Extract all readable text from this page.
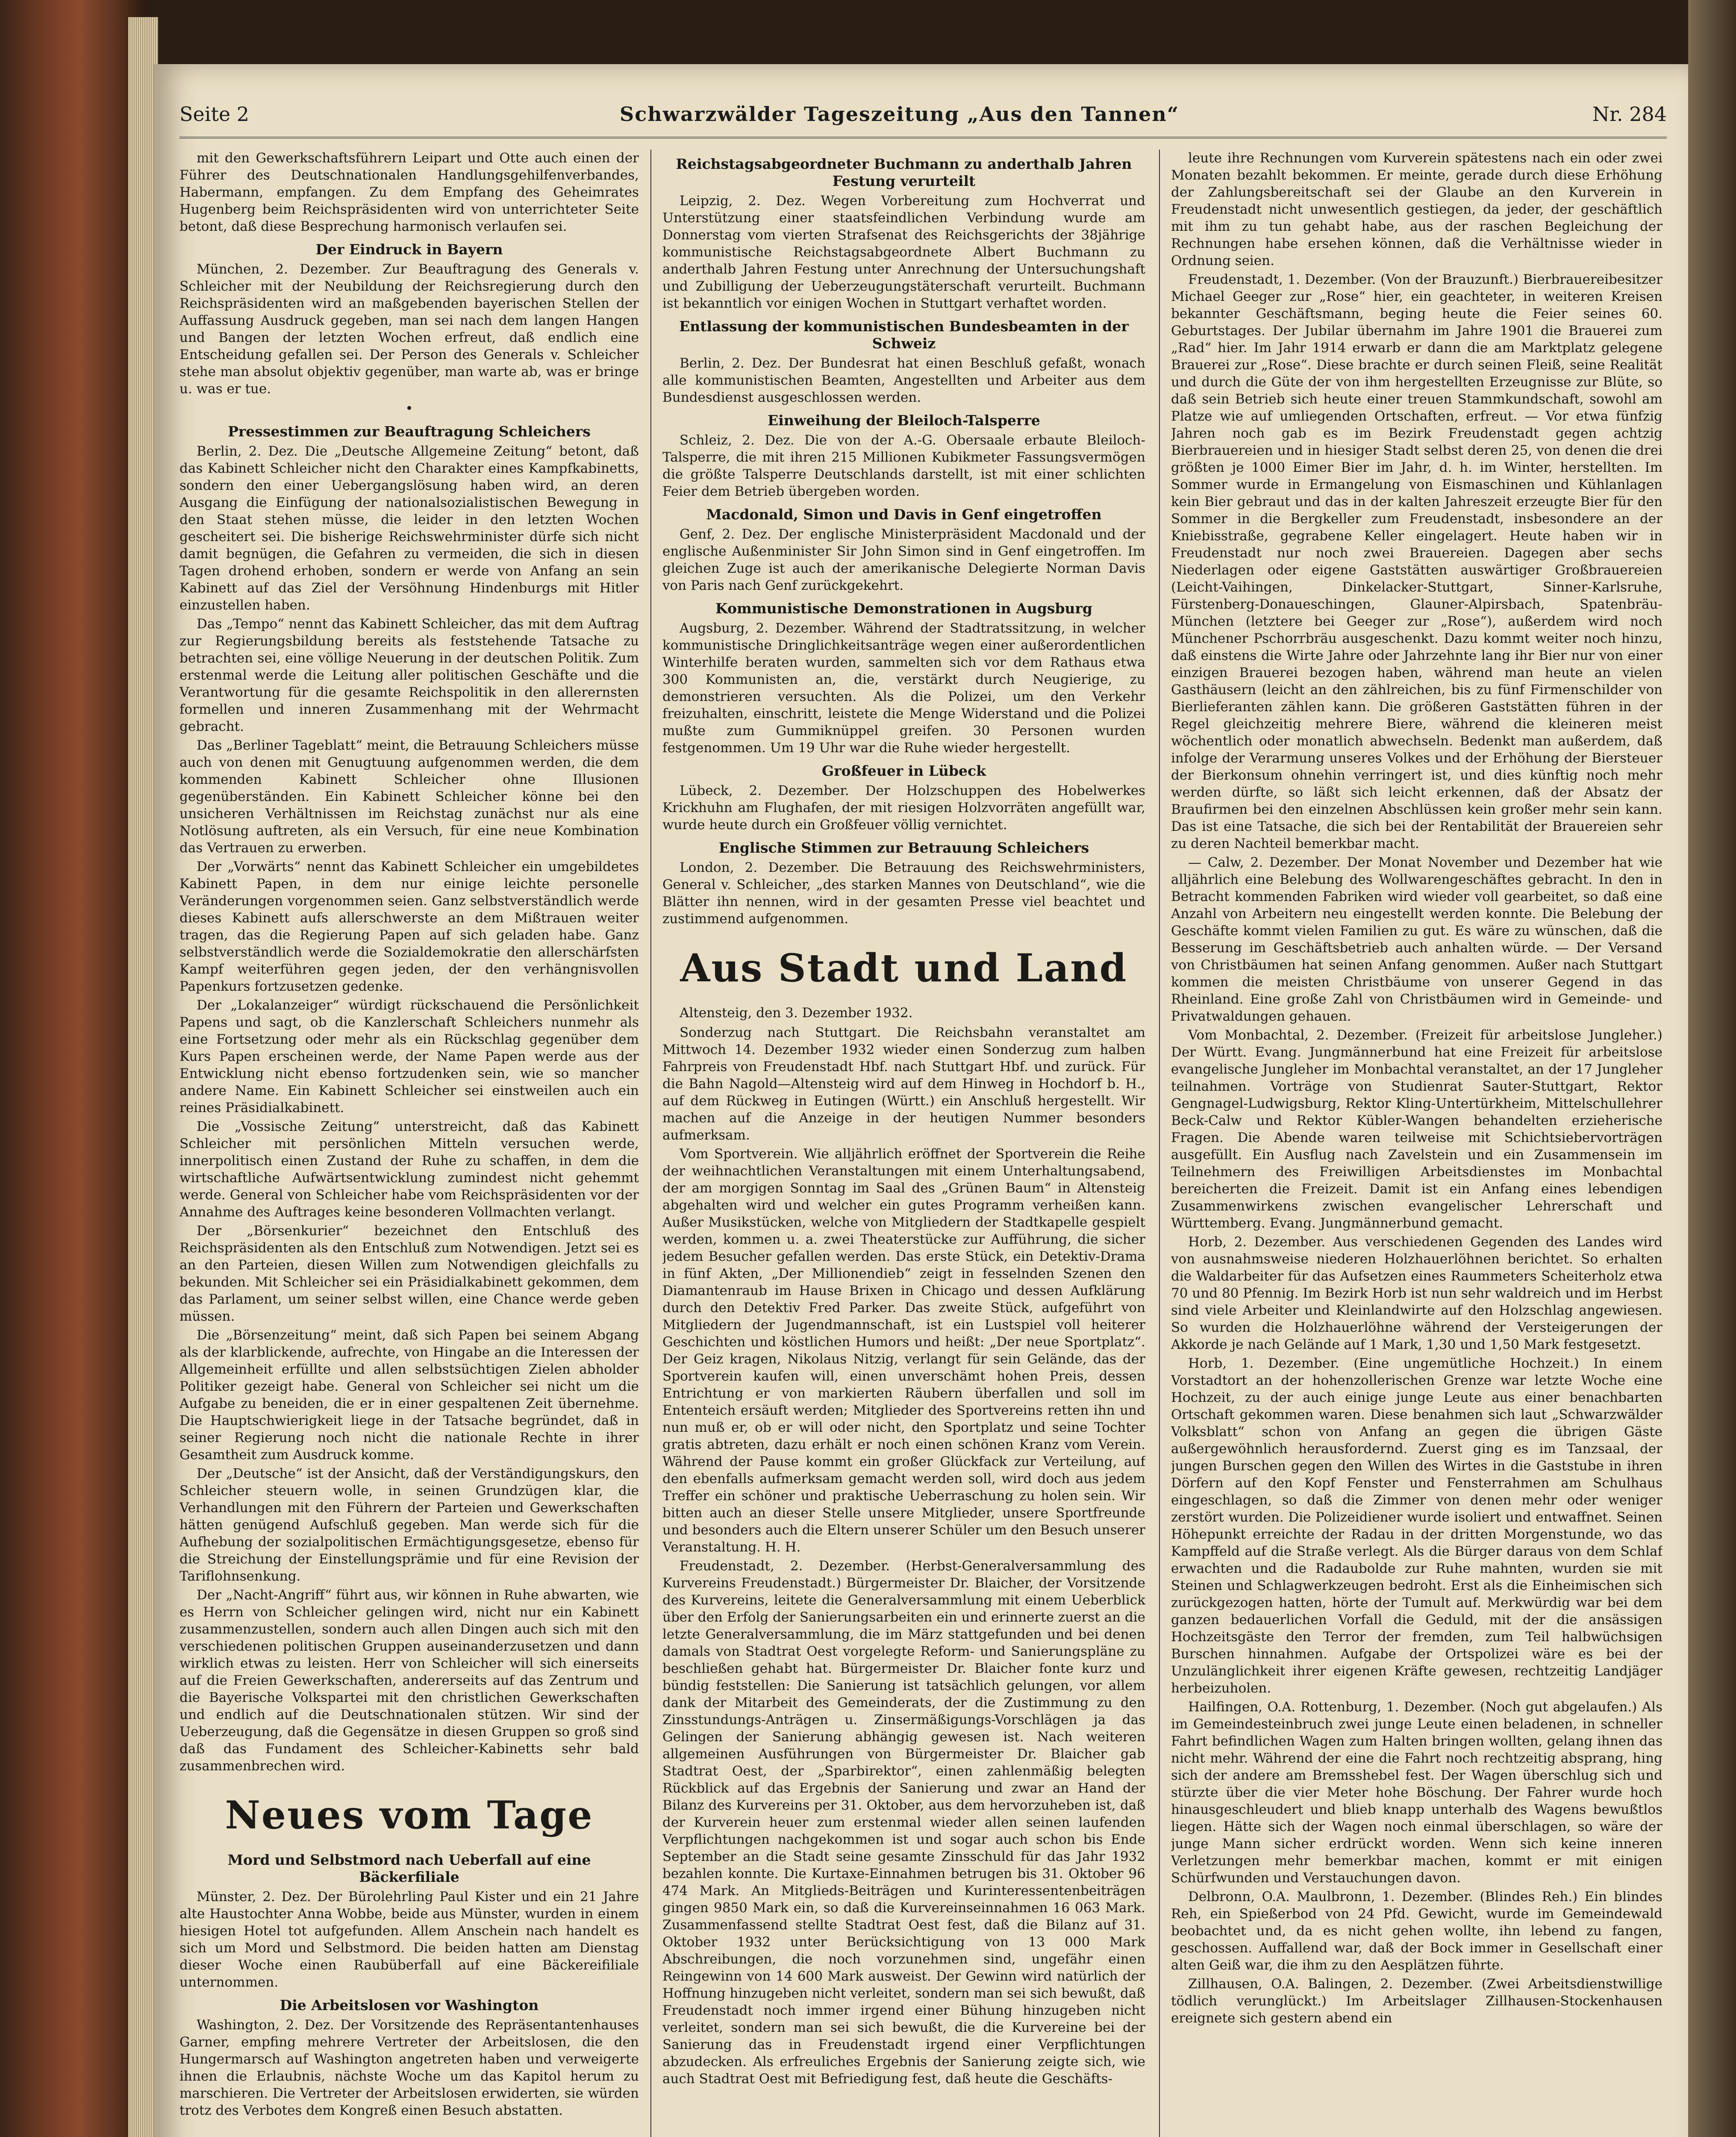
Seite 2	Schwarzwälder Tageszeitung „Aus den Tannen“	Nr. 284

mit den Gewerkschaftsführern Leipart und Otte auch einen der Führer des Deutschnationalen Handlungsgehilfenverbandes, Habermann, empfangen. Zu dem Empfang des Geheimrates Hugenberg beim Reichspräsidenten wird von unterrichteter Seite betont, daß diese Besprechung harmonisch verlaufen sei.

Der Eindruck in Bayern

München, 2. Dezember. Zur Beauftragung des Generals v. Schleicher mit der Neubildung der Reichsregierung durch den Reichspräsidenten wird an maßgebenden bayerischen Stellen der Auffassung Ausdruck gegeben, man sei nach dem langen Hangen und Bangen der letzten Wochen erfreut, daß endlich eine Entscheidung gefallen sei. Der Person des Generals v. Schleicher stehe man absolut objektiv gegenüber, man warte ab, was er bringe u. was er tue.

•
Pressestimmen zur Beauftragung Schleichers

Berlin, 2. Dez. Die „Deutsche Allgemeine Zeitung“ betont, daß das Kabinett Schleicher nicht den Charakter eines Kampfkabinetts, sondern den einer Uebergangslösung haben wird, an deren Ausgang die Einfügung der nationalsozialistischen Bewegung in den Staat stehen müsse, die leider in den letzten Wochen gescheitert sei. Die bisherige Reichswehrminister dürfe sich nicht damit begnügen, die Gefahren zu vermeiden, die sich in diesen Tagen drohend erhoben, sondern er werde von Anfang an sein Kabinett auf das Ziel der Versöhnung Hindenburgs mit Hitler einzustellen haben.

Das „Tempo“ nennt das Kabinett Schleicher, das mit dem Auftrag zur Regierungsbildung bereits als feststehende Tatsache zu betrachten sei, eine völlige Neuerung in der deutschen Politik. Zum erstenmal werde die Leitung aller politischen Geschäfte und die Verantwortung für die gesamte Reichspolitik in den allerernsten formellen und inneren Zusammenhang mit der Wehrmacht gebracht.

Das „Berliner Tageblatt“ meint, die Betrauung Schleichers müsse auch von denen mit Genugtuung aufgenommen werden, die dem kommenden Kabinett Schleicher ohne Illusionen gegenüberständen. Ein Kabinett Schleicher könne bei den unsicheren Verhältnissen im Reichstag zunächst nur als eine Notlösung auftreten, als ein Versuch, für eine neue Kombination das Vertrauen zu erwerben.

Der „Vorwärts“ nennt das Kabinett Schleicher ein umgebildetes Kabinett Papen, in dem nur einige leichte personelle Veränderungen vorgenommen seien. Ganz selbstverständlich werde dieses Kabinett aufs allerschwerste an dem Mißtrauen weiter tragen, das die Regierung Papen auf sich geladen habe. Ganz selbstverständlich werde die Sozialdemokratie den allerschärfsten Kampf weiterführen gegen jeden, der den verhängnisvollen Papenkurs fortzusetzen gedenke.

Der „Lokalanzeiger“ würdigt rückschauend die Persönlichkeit Papens und sagt, ob die Kanzlerschaft Schleichers nunmehr als eine Fortsetzung oder mehr als ein Rückschlag gegenüber dem Kurs Papen erscheinen werde, der Name Papen werde aus der Entwicklung nicht ebenso fortzudenken sein, wie so mancher andere Name. Ein Kabinett Schleicher sei einstweilen auch ein reines Präsidialkabinett.

Die „Vossische Zeitung“ unterstreicht, daß das Kabinett Schleicher mit persönlichen Mitteln versuchen werde, innerpolitisch einen Zustand der Ruhe zu schaffen, in dem die wirtschaftliche Aufwärtsentwicklung zumindest nicht gehemmt werde. General von Schleicher habe vom Reichspräsidenten vor der Annahme des Auftrages keine besonderen Vollmachten verlangt.

Der „Börsenkurier“ bezeichnet den Entschluß des Reichspräsidenten als den Entschluß zum Notwendigen. Jetzt sei es an den Parteien, diesen Willen zum Notwendigen gleichfalls zu bekunden. Mit Schleicher sei ein Präsidialkabinett gekommen, dem das Parlament, um seiner selbst willen, eine Chance werde geben müssen.

Die „Börsenzeitung“ meint, daß sich Papen bei seinem Abgang als der klarblickende, aufrechte, von Hingabe an die Interessen der Allgemeinheit erfüllte und allen selbstsüchtigen Zielen abholder Politiker gezeigt habe. General von Schleicher sei nicht um die Aufgabe zu beneiden, die er in einer gespaltenen Zeit übernehme. Die Hauptschwierigkeit liege in der Tatsache begründet, daß in seiner Regierung noch nicht die nationale Rechte in ihrer Gesamtheit zum Ausdruck komme.

Der „Deutsche“ ist der Ansicht, daß der Verständigungskurs, den Schleicher steuern wolle, in seinen Grundzügen klar, die Verhandlungen mit den Führern der Parteien und Gewerkschaften hätten genügend Aufschluß gegeben. Man werde sich für die Aufhebung der sozialpolitischen Ermächtigungsgesetze, ebenso für die Streichung der Einstellungsprämie und für eine Revision der Tariflohnsenkung.

Der „Nacht-Angriff“ führt aus, wir können in Ruhe abwarten, wie es Herrn von Schleicher gelingen wird, nicht nur ein Kabinett zusammenzustellen, sondern auch allen Dingen auch sich mit den verschiedenen politischen Gruppen auseinanderzusetzen und dann wirklich etwas zu leisten. Herr von Schleicher will sich einerseits auf die Freien Gewerkschaften, andererseits auf das Zentrum und die Bayerische Volkspartei mit den christlichen Gewerkschaften und endlich auf die Deutschnationalen stützen. Wir sind der Ueberzeugung, daß die Gegensätze in diesen Gruppen so groß sind daß das Fundament des Schleicher-Kabinetts sehr bald zusammenbrechen wird.

Neues vom Tage
Mord und Selbstmord nach Ueberfall auf eine Bäckerfiliale

Münster, 2. Dez. Der Bürolehrling Paul Kister und ein 21 Jahre alte Haustochter Anna Wobbe, beide aus Münster, wurden in einem hiesigen Hotel tot aufgefunden. Allem Anschein nach handelt es sich um Mord und Selbstmord. Die beiden hatten am Dienstag dieser Woche einen Raubüberfall auf eine Bäckereifiliale unternommen.

Die Arbeitslosen vor Washington

Washington, 2. Dez. Der Vorsitzende des Repräsentantenhauses Garner, empfing mehrere Vertreter der Arbeitslosen, die den Hungermarsch auf Washington angetreten haben und verweigerte ihnen die Erlaubnis, nächste Woche um das Kapitol herum zu marschieren. Die Vertreter der Arbeitslosen erwiderten, sie würden trotz des Verbotes dem Kongreß einen Besuch abstatten.

Reichstagsabgeordneter Buchmann zu anderthalb Jahren Festung verurteilt

Leipzig, 2. Dez. Wegen Vorbereitung zum Hochverrat und Unterstützung einer staatsfeindlichen Verbindung wurde am Donnerstag vom vierten Strafsenat des Reichsgerichts der 38jährige kommunistische Reichstagsabgeordnete Albert Buchmann zu anderthalb Jahren Festung unter Anrechnung der Untersuchungshaft und Zubilligung der Ueberzeugungstäterschaft verurteilt. Buchmann ist bekanntlich vor einigen Wochen in Stuttgart verhaftet worden.

Entlassung der kommunistischen Bundesbeamten in der Schweiz

Berlin, 2. Dez. Der Bundesrat hat einen Beschluß gefaßt, wonach alle kommunistischen Beamten, Angestellten und Arbeiter aus dem Bundesdienst ausgeschlossen werden.

Einweihung der Bleiloch-Talsperre

Schleiz, 2. Dez. Die von der A.-G. Obersaale erbaute Bleiloch-Talsperre, die mit ihren 215 Millionen Kubikmeter Fassungsvermögen die größte Talsperre Deutschlands darstellt, ist mit einer schlichten Feier dem Betrieb übergeben worden.

Macdonald, Simon und Davis in Genf eingetroffen

Genf, 2. Dez. Der englische Ministerpräsident Macdonald und der englische Außenminister Sir John Simon sind in Genf eingetroffen. Im gleichen Zuge ist auch der amerikanische Delegierte Norman Davis von Paris nach Genf zurückgekehrt.

Kommunistische Demonstrationen in Augsburg

Augsburg, 2. Dezember. Während der Stadtratssitzung, in welcher kommunistische Dringlichkeitsanträge wegen einer außerordentlichen Winterhilfe beraten wurden, sammelten sich vor dem Rathaus etwa 300 Kommunisten an, die, verstärkt durch Neugierige, zu demonstrieren versuchten. Als die Polizei, um den Verkehr freizuhalten, einschritt, leistete die Menge Widerstand und die Polizei mußte zum Gummiknüppel greifen. 30 Personen wurden festgenommen. Um 19 Uhr war die Ruhe wieder hergestellt.

Großfeuer in Lübeck

Lübeck, 2. Dezember. Der Holzschuppen des Hobelwerkes Krickhuhn am Flughafen, der mit riesigen Holzvorräten angefüllt war, wurde heute durch ein Großfeuer völlig vernichtet.

Englische Stimmen zur Betrauung Schleichers

London, 2. Dezember. Die Betrauung des Reichswehrministers, General v. Schleicher, „des starken Mannes von Deutschland“, wie die Blätter ihn nennen, wird in der gesamten Presse viel beachtet und zustimmend aufgenommen.

Aus Stadt und Land

Altensteig, den 3. Dezember 1932.

Sonderzug nach Stuttgart. Die Reichsbahn veranstaltet am Mittwoch 14. Dezember 1932 wieder einen Sonderzug zum halben Fahrpreis von Freudenstadt Hbf. nach Stuttgart Hbf. und zurück. Für die Bahn Nagold—Altensteig wird auf dem Hinweg in Hochdorf b. H., auf dem Rückweg in Eutingen (Württ.) ein Anschluß hergestellt. Wir machen auf die Anzeige in der heutigen Nummer besonders aufmerksam.

Vom Sportverein. Wie alljährlich eröffnet der Sportverein die Reihe der weihnachtlichen Veranstaltungen mit einem Unterhaltungsabend, der am morgigen Sonntag im Saal des „Grünen Baum“ in Altensteig abgehalten wird und welcher ein gutes Programm verheißen kann. Außer Musikstücken, welche von Mitgliedern der Stadtkapelle gespielt werden, kommen u. a. zwei Theaterstücke zur Aufführung, die sicher jedem Besucher gefallen werden. Das erste Stück, ein Detektiv-Drama in fünf Akten, „Der Millionendieb“ zeigt in fesselnden Szenen den Diamantenraub im Hause Brixen in Chicago und dessen Aufklärung durch den Detektiv Fred Parker. Das zweite Stück, aufgeführt von Mitgliedern der Jugendmannschaft, ist ein Lustspiel voll heiterer Geschichten und köstlichen Humors und heißt: „Der neue Sportplatz“. Der Geiz kragen, Nikolaus Nitzig, verlangt für sein Gelände, das der Sportverein kaufen will, einen unverschämt hohen Preis, dessen Entrichtung er von markierten Räubern überfallen und soll im Ententeich ersäuft werden; Mitglieder des Sportvereins retten ihn und nun muß er, ob er will oder nicht, den Sportplatz und seine Tochter gratis abtreten, dazu erhält er noch einen schönen Kranz vom Verein. Während der Pause kommt ein großer Glückfack zur Verteilung, auf den ebenfalls aufmerksam gemacht werden soll, wird doch aus jedem Treffer ein schöner und praktische Ueberraschung zu holen sein. Wir bitten auch an dieser Stelle unsere Mitglieder, unsere Sportfreunde und besonders auch die Eltern unserer Schüler um den Besuch unserer Veranstaltung. H. H.

Freudenstadt, 2. Dezember. (Herbst-Generalversammlung des Kurvereins Freudenstadt.) Bürgermeister Dr. Blaicher, der Vorsitzende des Kurvereins, leitete die Generalversammlung mit einem Ueberblick über den Erfolg der Sanierungsarbeiten ein und erinnerte zuerst an die letzte Generalversammlung, die im März stattgefunden und bei denen damals von Stadtrat Oest vorgelegte Reform- und Sanierungspläne zu beschließen gehabt hat. Bürgermeister Dr. Blaicher fonte kurz und bündig feststellen: Die Sanierung ist tatsächlich gelungen, vor allem dank der Mitarbeit des Gemeinderats, der die Zustimmung zu den Zinsstundungs-Anträgen u. Zinsermäßigungs-Vorschlägen ja das Gelingen der Sanierung abhängig gewesen ist. Nach weiteren allgemeinen Ausführungen von Bürgermeister Dr. Blaicher gab Stadtrat Oest, der „Sparbirektor“, einen zahlenmäßig belegten Rückblick auf das Ergebnis der Sanierung und zwar an Hand der Bilanz des Kurvereins per 31. Oktober, aus dem hervorzuheben ist, daß der Kurverein heuer zum erstenmal wieder allen seinen laufenden Verpflichtungen nachgekommen ist und sogar auch schon bis Ende September an die Stadt seine gesamte Zinsschuld für das Jahr 1932 bezahlen konnte. Die Kurtaxe-Einnahmen betrugen bis 31. Oktober 96 474 Mark. An Mitglieds-Beiträgen und Kurinteressentenbeiträgen gingen 9850 Mark ein, so daß die Kurvereinseinnahmen 16 063 Mark. Zusammenfassend stellte Stadtrat Oest fest, daß die Bilanz auf 31. Oktober 1932 unter Berücksichtigung von 13 000 Mark Abschreibungen, die noch vorzunehmen sind, ungefähr einen Reingewinn von 14 600 Mark ausweist. Der Gewinn wird natürlich der Hoffnung hinzugeben nicht verleitet, sondern man sei sich bewußt, daß Freudenstadt noch immer irgend einer Bühung hinzugeben nicht verleitet, sondern man sei sich bewußt, die die Kurvereine bei der Sanierung das in Freudenstadt irgend einer Verpflichtungen abzudecken. Als erfreuliches Ergebnis der Sanierung zeigte sich, wie auch Stadtrat Oest mit Befriedigung fest, daß heute die Geschäfts-

leute ihre Rechnungen vom Kurverein spätestens nach ein oder zwei Monaten bezahlt bekommen. Er meinte, gerade durch diese Erhöhung der Zahlungsbereitschaft sei der Glaube an den Kurverein in Freudenstadt nicht unwesentlich gestiegen, da jeder, der geschäftlich mit ihm zu tun gehabt habe, aus der raschen Begleichung der Rechnungen habe ersehen können, daß die Verhältnisse wieder in Ordnung seien.

Freudenstadt, 1. Dezember. (Von der Brauzunft.) Bierbrauereibesitzer Michael Geeger zur „Rose“ hier, ein geachteter, in weiteren Kreisen bekannter Geschäftsmann, beging heute die Feier seines 60. Geburtstages. Der Jubilar übernahm im Jahre 1901 die Brauerei zum „Rad“ hier. Im Jahr 1914 erwarb er dann die am Marktplatz gelegene Brauerei zur „Rose“. Diese brachte er durch seinen Fleiß, seine Realität und durch die Güte der von ihm hergestellten Erzeugnisse zur Blüte, so daß sein Betrieb sich heute einer treuen Stammkundschaft, sowohl am Platze wie auf umliegenden Ortschaften, erfreut. — Vor etwa fünfzig Jahren noch gab es im Bezirk Freudenstadt gegen achtzig Bierbrauereien und in hiesiger Stadt selbst deren 25, von denen die drei größten je 1000 Eimer Bier im Jahr, d. h. im Winter, herstellten. Im Sommer wurde in Ermangelung von Eismaschinen und Kühlanlagen kein Bier gebraut und das in der kalten Jahreszeit erzeugte Bier für den Sommer in die Bergkeller zum Freudenstadt, insbesondere an der Kniebisstraße, gegrabene Keller eingelagert. Heute haben wir in Freudenstadt nur noch zwei Brauereien. Dagegen aber sechs Niederlagen oder eigene Gaststätten auswärtiger Großbrauereien (Leicht-Vaihingen, Dinkelacker-Stuttgart, Sinner-Karlsruhe, Fürstenberg-Donaueschingen, Glauner-Alpirsbach, Spatenbräu-München (letztere bei Geeger zur „Rose“), außerdem wird noch Münchener Pschorrbräu ausgeschenkt. Dazu kommt weiter noch hinzu, daß einstens die Wirte Jahre oder Jahrzehnte lang ihr Bier nur von einer einzigen Brauerei bezogen haben, während man heute an vielen Gasthäusern (leicht an den zählreichen, bis zu fünf Firmenschilder von Bierlieferanten zählen kann. Die größeren Gaststätten führen in der Regel gleichzeitig mehrere Biere, während die kleineren meist wöchentlich oder monatlich abwechseln. Bedenkt man außerdem, daß infolge der Verarmung unseres Volkes und der Erhöhung der Biersteuer der Bierkonsum ohnehin verringert ist, und dies künftig noch mehr werden dürfte, so läßt sich leicht erkennen, daß der Absatz der Braufirmen bei den einzelnen Abschlüssen kein großer mehr sein kann. Das ist eine Tatsache, die sich bei der Rentabilität der Brauereien sehr zu deren Nachteil bemerkbar macht.

— Calw, 2. Dezember. Der Monat November und Dezember hat wie alljährlich eine Belebung des Wollwarengeschäftes gebracht. In den in Betracht kommenden Fabriken wird wieder voll gearbeitet, so daß eine Anzahl von Arbeitern neu eingestellt werden konnte. Die Belebung der Geschäfte kommt vielen Familien zu gut. Es wäre zu wünschen, daß die Besserung im Geschäftsbetrieb auch anhalten würde. — Der Versand von Christbäumen hat seinen Anfang genommen. Außer nach Stuttgart kommen die meisten Christbäume von unserer Gegend in das Rheinland. Eine große Zahl von Christbäumen wird in Gemeinde- und Privatwaldungen gehauen.

Vom Monbachtal, 2. Dezember. (Freizeit für arbeitslose Jungleher.) Der Württ. Evang. Jungmännerbund hat eine Freizeit für arbeitslose evangelische Jungleher im Monbachtal veranstaltet, an der 17 Jungleher teilnahmen. Vorträge von Studienrat Sauter-Stuttgart, Rektor Gengnagel-Ludwigsburg, Rektor Kling-Untertürkheim, Mittelschullehrer Beck-Calw und Rektor Kübler-Wangen behandelten erzieherische Fragen. Die Abende waren teilweise mit Schichtsiebervorträgen ausgefüllt. Ein Ausflug nach Zavelstein und ein Zusammensein im Teilnehmern des Freiwilligen Arbeitsdienstes im Monbachtal bereicherten die Freizeit. Damit ist ein Anfang eines lebendigen Zusammenwirkens zwischen evangelischer Lehrerschaft und Württemberg. Evang. Jungmännerbund gemacht.

Horb, 2. Dezember. Aus verschiedenen Gegenden des Landes wird von ausnahmsweise niederen Holzhauerlöhnen berichtet. So erhalten die Waldarbeiter für das Aufsetzen eines Raummeters Scheiterholz etwa 70 und 80 Pfennig. Im Bezirk Horb ist nun sehr waldreich und im Herbst sind viele Arbeiter und Kleinlandwirte auf den Holzschlag angewiesen. So wurden die Holzhauerlöhne während der Versteigerungen der Akkorde je nach Gelände auf 1 Mark, 1,30 und 1,50 Mark festgesetzt.

Horb, 1. Dezember. (Eine ungemütliche Hochzeit.) In einem Vorstadtort an der hohenzollerischen Grenze war letzte Woche eine Hochzeit, zu der auch einige junge Leute aus einer benachbarten Ortschaft gekommen waren. Diese benahmen sich laut „Schwarzwälder Volksblatt“ schon von Anfang an gegen die übrigen Gäste außergewöhnlich herausfordernd. Zuerst ging es im Tanzsaal, der jungen Burschen gegen den Willen des Wirtes in die Gaststube in ihren Dörfern auf den Kopf Fenster und Fensterrahmen am Schulhaus eingeschlagen, so daß die Zimmer von denen mehr oder weniger zerstört wurden. Die Polizeidiener wurde isoliert und entwaffnet. Seinen Höhepunkt erreichte der Radau in der dritten Morgenstunde, wo das Kampffeld auf die Straße verlegt. Als die Bürger daraus von dem Schlaf erwachten und die Radaubolde zur Ruhe mahnten, wurden sie mit Steinen und Schlagwerkzeugen bedroht. Erst als die Einheimischen sich zurückgezogen hatten, hörte der Tumult auf. Merkwürdig war bei dem ganzen bedauerlichen Vorfall die Geduld, mit der die ansässigen Hochzeitsgäste den Terror der fremden, zum Teil halbwüchsigen Burschen hinnahmen. Aufgabe der Ortspolizei wäre es bei der Unzulänglichkeit ihrer eigenen Kräfte gewesen, rechtzeitig Landjäger herbeizuholen.

Hailfingen, O.A. Rottenburg, 1. Dezember. (Noch gut abgelaufen.) Als im Gemeindesteinbruch zwei junge Leute einen beladenen, in schneller Fahrt befindlichen Wagen zum Halten bringen wollten, gelang ihnen das nicht mehr. Während der eine die Fahrt noch rechtzeitig absprang, hing sich der andere am Bremsshebel fest. Der Wagen überschlug sich und stürzte über die vier Meter hohe Böschung. Der Fahrer wurde hoch hinausgeschleudert und blieb knapp unterhalb des Wagens bewußtlos liegen. Hätte sich der Wagen noch einmal überschlagen, so wäre der junge Mann sicher erdrückt worden. Wenn sich keine inneren Verletzungen mehr bemerkbar machen, kommt er mit einigen Schürfwunden und Verstauchungen davon.

Delbronn, O.A. Maulbronn, 1. Dezember. (Blindes Reh.) Ein blindes Reh, ein Spießerbod von 24 Pfd. Gewicht, wurde im Gemeindewald beobachtet und, da es nicht gehen wollte, ihn lebend zu fangen, geschossen. Auffallend war, daß der Bock immer in Gesellschaft einer alten Geiß war, die ihm zu den Aesplätzen führte.

Zillhausen, O.A. Balingen, 2. Dezember. (Zwei Arbeitsdienstwillige tödlich verunglückt.) Im Arbeitslager Zillhausen-Stockenhausen ereignete sich gestern abend ein
